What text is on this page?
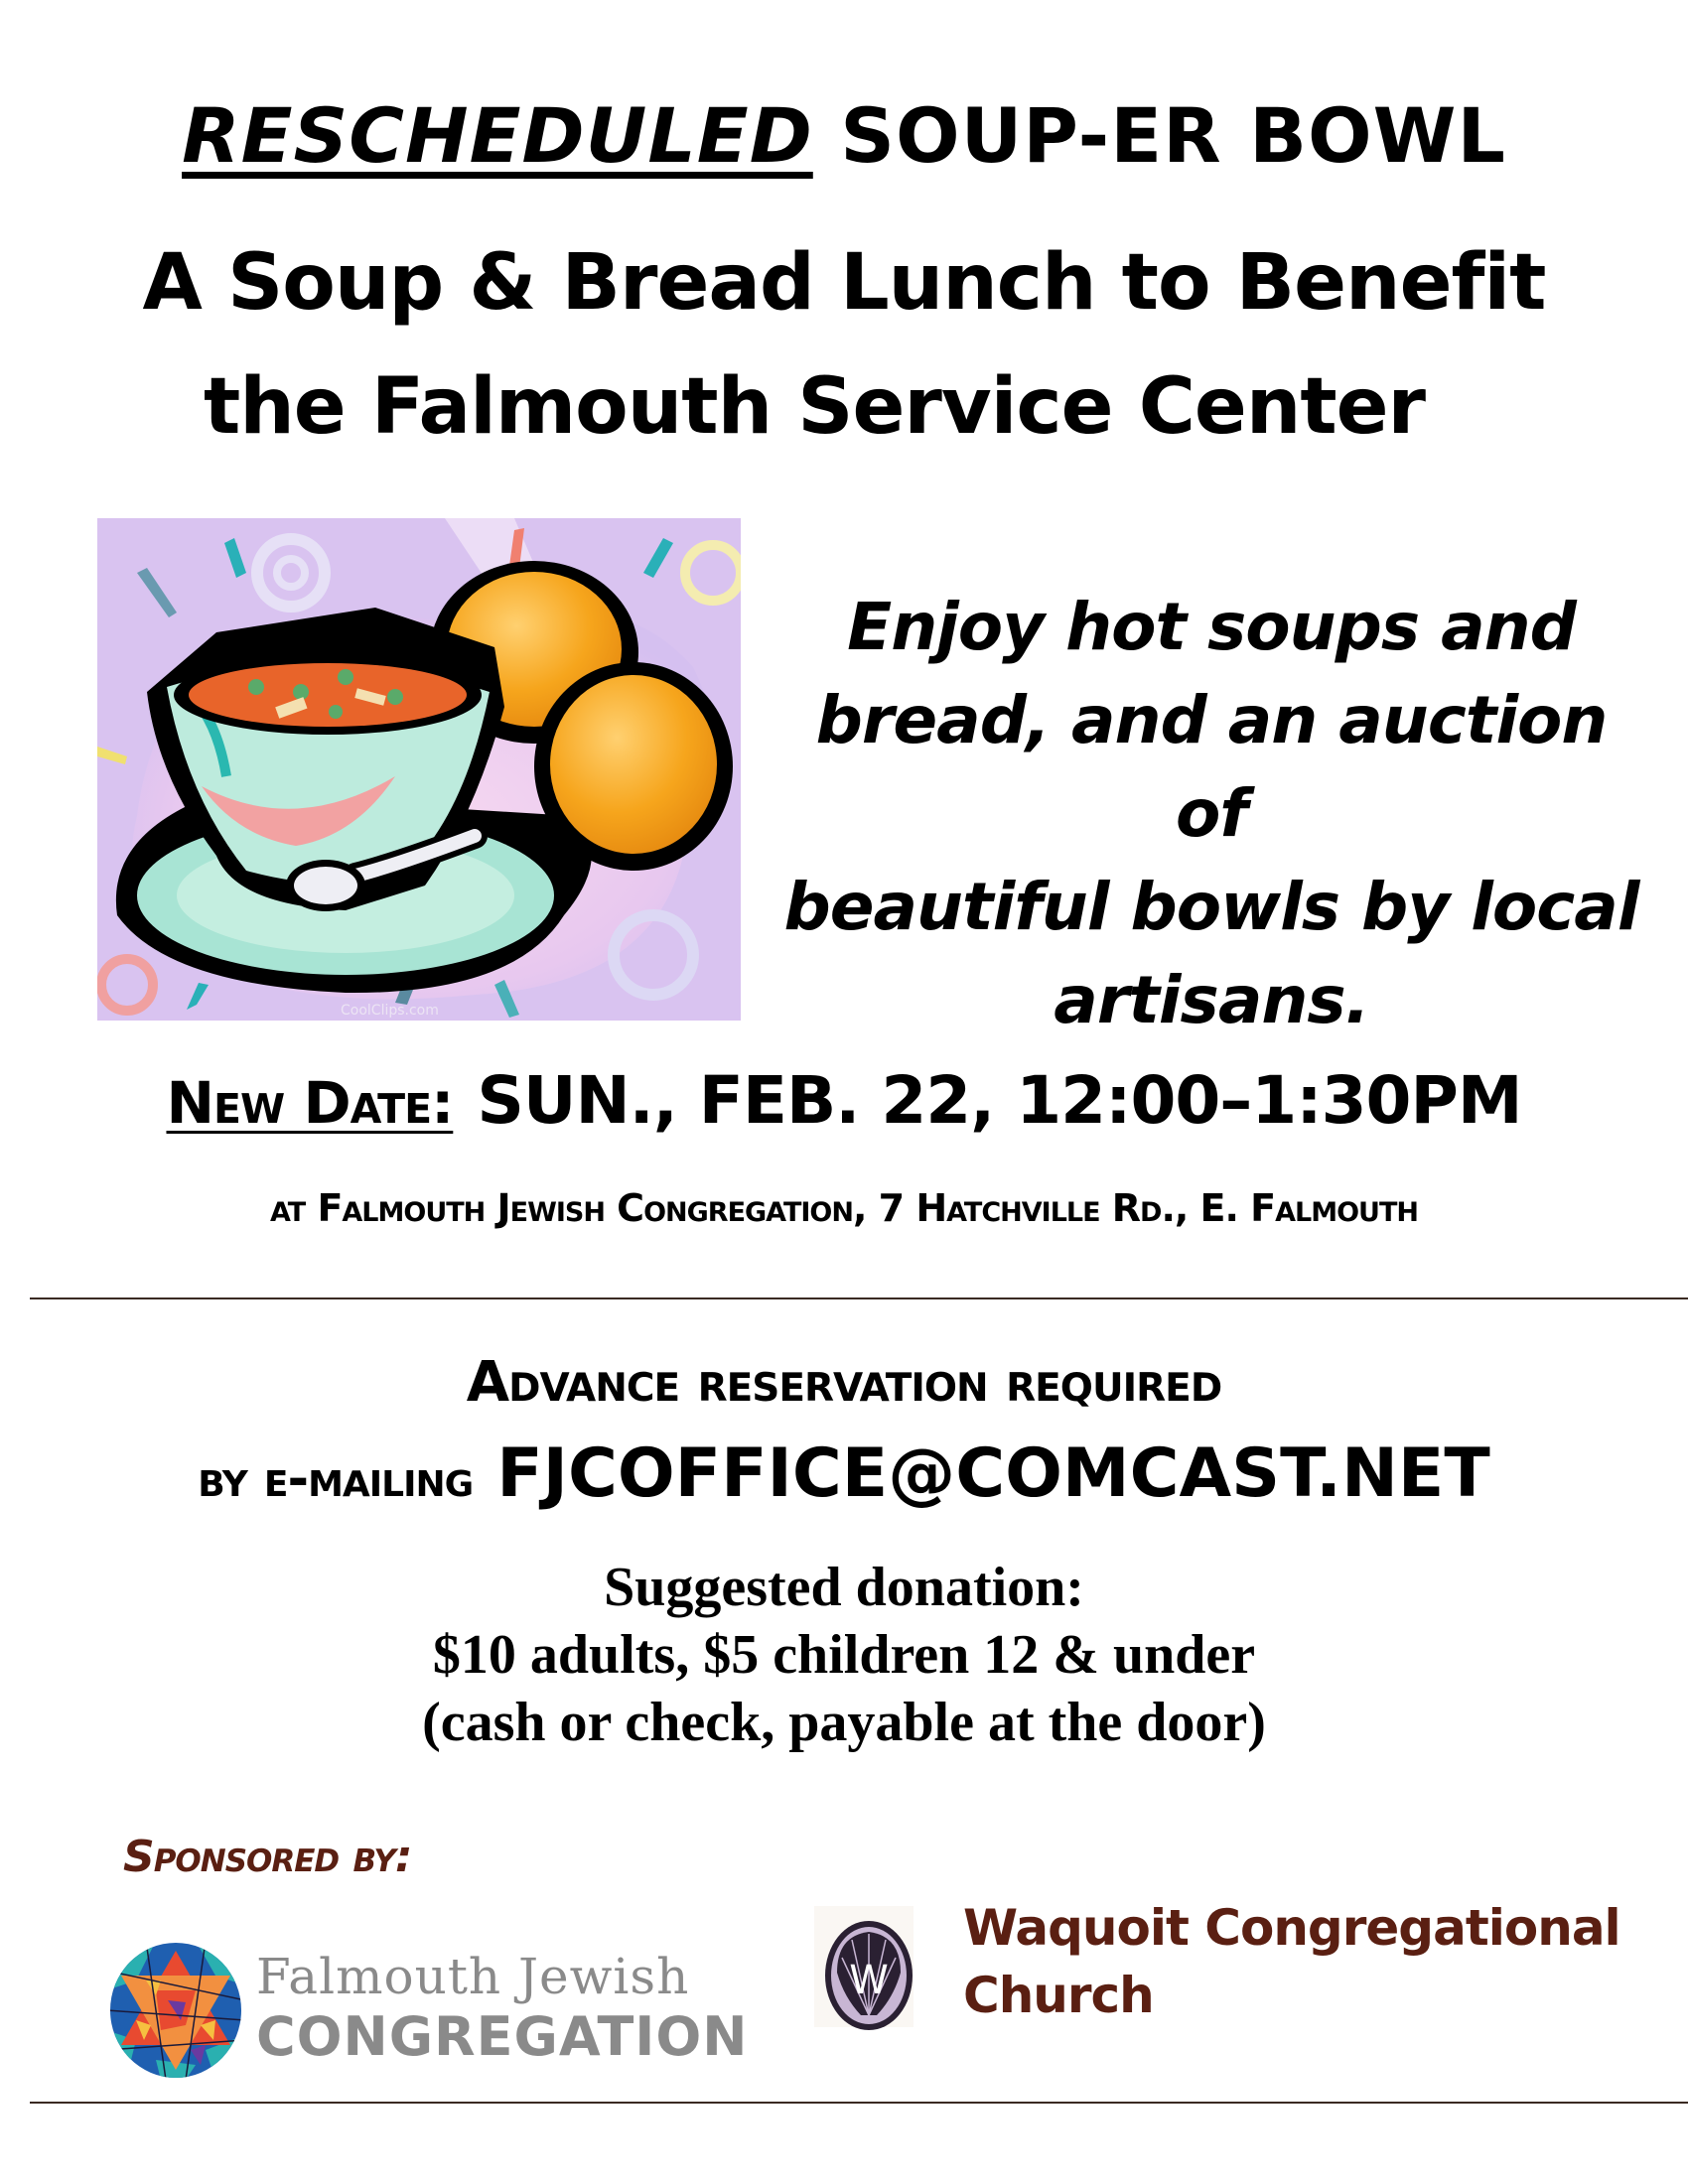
RESCHEDULED SOUP-ER BOWL
A Soup & Bread Lunch to Benefit
the Falmouth Service Center
CoolClips.com
Enjoy hot soups and
bread, and an auction of
beautiful bowls by local
artisans.
New Date: SUN., FEB. 22, 12:00–1:30PM
at Falmouth Jewish Congregation, 7 Hatchville Rd., E. Falmouth
Advance reservation required
by e-mailing FJCOFFICE@COMCAST.NET
Suggested donation:
$10 adults, $5 children 12 & under
(cash or check, payable at the door)
Sponsored by:
Falmouth Jewish
CONGREGATION
W
Waquoit Congregational
Church
